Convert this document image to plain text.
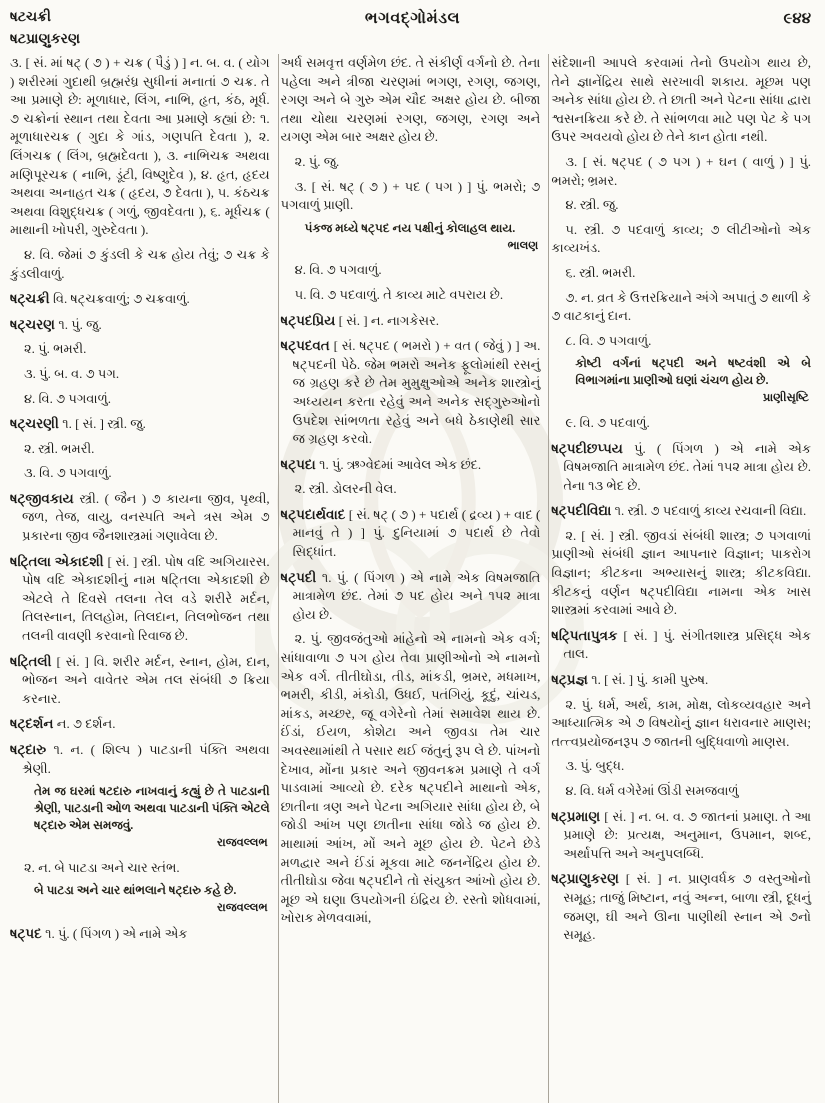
ષટચક્રી
ષટપ્રાણુકરણ
ભગવદ્ગોમંડલ	૯૪૪

૩. [ સં. માં ષટ્ ( ૭ ) + ચક્ર ( પૈડું ) ] ન. બ. વ. ( યોગ ) શરીરમાં ગુદાથી બ્રહ્મરંધ્ર સુધીનાં મનાતાં ૭ ચક્ર. તે આ પ્રમાણે છે: મૂળાધાર, લિંગ, નાભિ, હૃત, કંઠ, મૂર્ધ. ૭ ચક્રોનાં સ્થાન તથા દેવતા આ પ્રમાણે કહ્યાં છે: ૧. મૂળાધારચક્ર ( ગુદા કે ગાંડ, ગણપતિ દેવતા ), ૨. લિંગચક્ર ( લિંગ, બ્રહ્મદેવતા ), ૩. નાભિચક્ર અથવા મણિપૂરચક્ર ( નાભિ, ડૂંટી, વિષ્ણુદેવ ), ૪. હૃત, હૃદય અથવા અનાહત ચક્ર ( હૃદય, ૭ દેવતા ), ૫. કંઠચક્ર અથવા વિશુદ્ધચક્ર ( ગળું, જીવદેવતા ), ૬. મૂર્ધચક્ર ( માથાની ખોપરી, ગુરુદેવતા ).

૪. વિ. જેમાં ૭ કુંડલી કે ચક્ર હોય તેવું; ૭ ચક્ર કે કુંડલીવાળું.

ષટ્ચક્રી વિ. ષટ્ચક્રવાળું; ૭ ચક્રવાળું.

ષટ્ચરણ ૧. પું. જુ.

૨. પું. ભમરી.

૩. પું. બ. વ. ૭ પગ.

૪. વિ. ૭ પગવાળું.

ષટ્ચરણી ૧. [ સં. ] સ્ત્રી. જુ.

૨. સ્ત્રી. ભમરી.

૩. વિ. ૭ પગવાળું.

ષટ્જીવકાય સ્ત્રી. ( જૈન ) ૭ કાયના જીવ, પૃથ્વી, જળ, તેજ, વાયુ, વનસ્પતિ અને ત્રસ એમ ૭ પ્રકારના જીવ જૈનશાસ્ત્રમાં ગણાવેલા છે.

ષટ્તિલા એકાદશી [ સં. ] સ્ત્રી. પોષ વદિ અગિયારસ. પોષ વદિ એકાદશીનું નામ ષટ્તિલા એકાદશી છે એટલે તે દિવસે તલના તેલ વડે શરીરે મર્દન, તિલસ્નાન, તિલહોમ, તિલદાન, તિલભોજન તથા તલની વાવણી કરવાનો રિવાજ છે.

ષટ્તિલી [ સં. ] વિ. શરીર મર્દન, સ્નાન, હોમ, દાન, ભોજન અને વાવેતર એમ તલ સંબંધી ૭ ક્રિયા કરનાર.

ષટ્દર્શન ન. ૭ દર્શન.

ષટ્દારુ ૧. ન. ( શિલ્પ ) પાટડાની પંક્તિ અથવા શ્રેણી.

તેમ જ ઘરમાં ષટદારુ નાખવાનું કહ્યું છે તે પાટડાની શ્રેણી, પાટડાની ઓળ અથવા પાટડાની પંક્તિ એટલે ષટ્દારુ એમ સમજવું.

રાજવલ્લભ

૨. ન. બે પાટડા અને ચાર સ્તંભ.

બે પાટડા અને ચાર થાંભલાને ષટ્દારુ કહે છે.

રાજવલ્લભ

ષટ્પદ ૧. પું. ( પિંગળ ) એ નામે એક

અર્ધ સમવૃત્ત વર્ણમેળ છંદ. તે સંકીર્ણ વર્ગનો છે. તેના પહેલા અને ત્રીજા ચરણમાં ભગણ, રગણ, જગણ, રગણ અને બે ગુરુ એમ ચૌદ અક્ષર હોય છે. બીજા તથા ચોથા ચરણમાં રગણ, જગણ, રગણ અને યગણ એમ બાર અક્ષર હોય છે.

૨. પું. જુ.

૩. [ સં. ષટ્ ( ૭ ) + પદ ( પગ ) ] પું. ભમરો; ૭ પગવાળું પ્રાણી.

પંકજ મધ્યે ષટ્પદ નય પક્ષીનું કોલાહલ થાય.

ભાલણ

૪. વિ. ૭ પગવાળું.

૫. વિ. ૭ પદવાળું. તે કાવ્ય માટે વપરાય છે.

ષટ્પદપ્રિય [ સં. ] ન. નાગકેસર.

ષટ્પદવત [ સં. ષટ્પદ ( ભમરો ) + વત ( જેવું ) ] અ. ષટ્પદની પેઠે. જેમ ભમરો અનેક ફૂલોમાંથી રસનું જ ગ્રહણ કરે છે તેમ મુમુક્ષુઓએ અનેક શાસ્ત્રોનું અધ્યયન કરતા રહેવું અને અનેક સદ્ગુરુઓનો ઉપદેશ સાંભળતા રહેવું અને બધે ઠેકાણેથી સાર જ ગ્રહણ કરવો.

ષટ્પદા ૧. પું. ઋગ્વેદમાં આવેલ એક છંદ.

૨. સ્ત્રી. ડોલરની વેલ.

ષટ્પદાર્થવાદ [ સં. ષટ્ ( ૭ ) + પદાર્થ ( દ્રવ્ય ) + વાદ ( માનવું તે ) ] પું. દુનિયામાં ૭ પદાર્થ છે તેવો સિદ્ધાંત.

ષટ્પદી ૧. પું. ( પિંગળ ) એ નામે એક વિષમજાતિ માત્રામેળ છંદ. તેમાં ૭ પદ હોય અને ૧૫૨ માત્રા હોય છે.

૨. પું. જીવજંતુઓ માંહેનો એ નામનો એક વર્ગ; સાંધાવાળા ૭ પગ હોય તેવા પ્રાણીઓનો એ નામનો એક વર્ગ. તીતીઘોડા, તીડ, માંકડી, ભ્રમર, મધમાખ, ભમરી, કીડી, મંકોડી, ઉધઈ, પતંગિયું, કૂદું, ચાંચડ, માંકડ, મચ્છર, જૂ વગેરેનો તેમાં સમાવેશ થાય છે. ઈંડાં, ઈયળ, કોશેટા અને જીવડા તેમ ચાર અવસ્થામાંથી તે પસાર થઈ જંતુનું રૂપ લે છે. પાંખનો દેખાવ, મોંના પ્રકાર અને જીવનક્રમ પ્રમાણે તે વર્ગ પાડવામાં આવ્યો છે. દરેક ષટ્પદીને માથાનો એક, છાતીના ત્રણ અને પેટના અગિયાર સાંધા હોય છે, બે જોડી આંખ પણ છાતીના સાંધા જોડે જ હોય છે. માથામાં આંખ, મોં અને મૂછ હોય છે. પેટને છેડે મળદ્વાર અને ઈંડાં મૂકવા માટે જનનેંદ્રિય હોય છે. તીતીઘોડા જેવા ષટ્પદીને તો સંયુક્ત આંખો હોય છે. મૂછ એ ઘણા ઉપયોગની ઇંદ્રિય છે. રસ્તો શોધવામાં, ખોરાક મેળવવામાં,

સંદેશાની આપલે કરવામાં તેનો ઉપયોગ થાય છે, તેને જ્ઞાનેંદ્રિય સાથે સરખાવી શકાય. મૂછમ પણ અનેક સાંધા હોય છે. તે છાતી અને પેટના સાંધા દ્વારા શ્વસનક્રિયા કરે છે. તે સાંભળવા માટે પણ પેટ કે પગ ઉપર અવયવો હોય છે તેને કાન હોતા નથી.

૩. [ સં. ષટ્પદ ( ૭ પગ ) + ઘન ( વાળું ) ] પું. ભમરો; ભ્રમર.

૪. સ્ત્રી. જુ.

૫. સ્ત્રી. ૭ પદવાળું કાવ્ય; ૭ લીટીઓનો એક કાવ્યખંડ.

૬. સ્ત્રી. ભમરી.

૭. ન. વ્રત કે ઉત્તરક્રિયાને અંગે અપાતું ૭ થાળી કે ૭ વાટકાનું દાન.

૮. વિ. ૭ પગવાળું.

કોષ્ટી વર્ગનાં ષટ્પદી અને ષષ્ટવંશી એ બે વિભાગમાંના પ્રાણીઓ ઘણાં ચંચળ હોય છે.

પ્રાણીસૃષ્ટિ

૯. વિ. ૭ પદવાળું.

ષટ્પદીછપ્પય પું. ( પિંગળ ) એ નામે એક વિષમજાતિ માત્રામેળ છંદ. તેમાં ૧૫૨ માત્રા હોય છે. તેના ૧૩ ભેદ છે.

ષટ્પદીવિદ્યા ૧. સ્ત્રી. ૭ પદવાળું કાવ્ય રચવાની વિદ્યા.

૨. [ સં. ] સ્ત્રી. જીવડાં સંબંધી શાસ્ત્ર; ૭ પગવાળાં પ્રાણીઓ સંબંધી જ્ઞાન આપનાર વિજ્ઞાન; પાકરોગ વિજ્ઞાન; કીટકના અભ્યાસનું શાસ્ત્ર; કીટકવિદ્યા. કીટકનું વર્ણન ષટ્પદીવિદ્યા નામના એક ખાસ શાસ્ત્રમાં કરવામાં આવે છે.

ષટ્પિતાપુત્રક [ સં. ] પું. સંગીતશાસ્ત્ર પ્રસિદ્ધ એક તાલ.

ષટ્પ્રજ્ઞ ૧. [ સં. ] પું. કામી પુરુષ.

૨. પું. ધર્મ, અર્થ, કામ, મોક્ષ, લોકવ્યવહાર અને આધ્યાત્મિક એ ૭ વિષયોનું જ્ઞાન ધરાવનાર માણસ; તત્ત્વપ્રયોજનરૂપ ૭ જાતની બુદ્ધિવાળો માણસ.

૩. પું. બુદ્ધ.

૪. વિ. ધર્મ વગેરેમાં ઊંડી સમજવાળું

ષટ્પ્રમાણ [ સં. ] ન. બ. વ. ૭ જાતનાં પ્રમાણ. તે આ પ્રમાણે છે: પ્રત્યક્ષ, અનુમાન, ઉપમાન, શબ્દ, અર્થાપત્તિ અને અનુપલબ્ધિ.

ષટ્પ્રાણુકરણ [ સં. ] ન. પ્રાણવર્ધક ૭ વસ્તુઓનો સમૂહ; તાજું મિષ્ટાન, નવું અન્ન, બાળા સ્ત્રી, દૂધનું જમણ, ઘી અને ઊના પાણીથી સ્નાન એ ૭નો સમૂહ.
